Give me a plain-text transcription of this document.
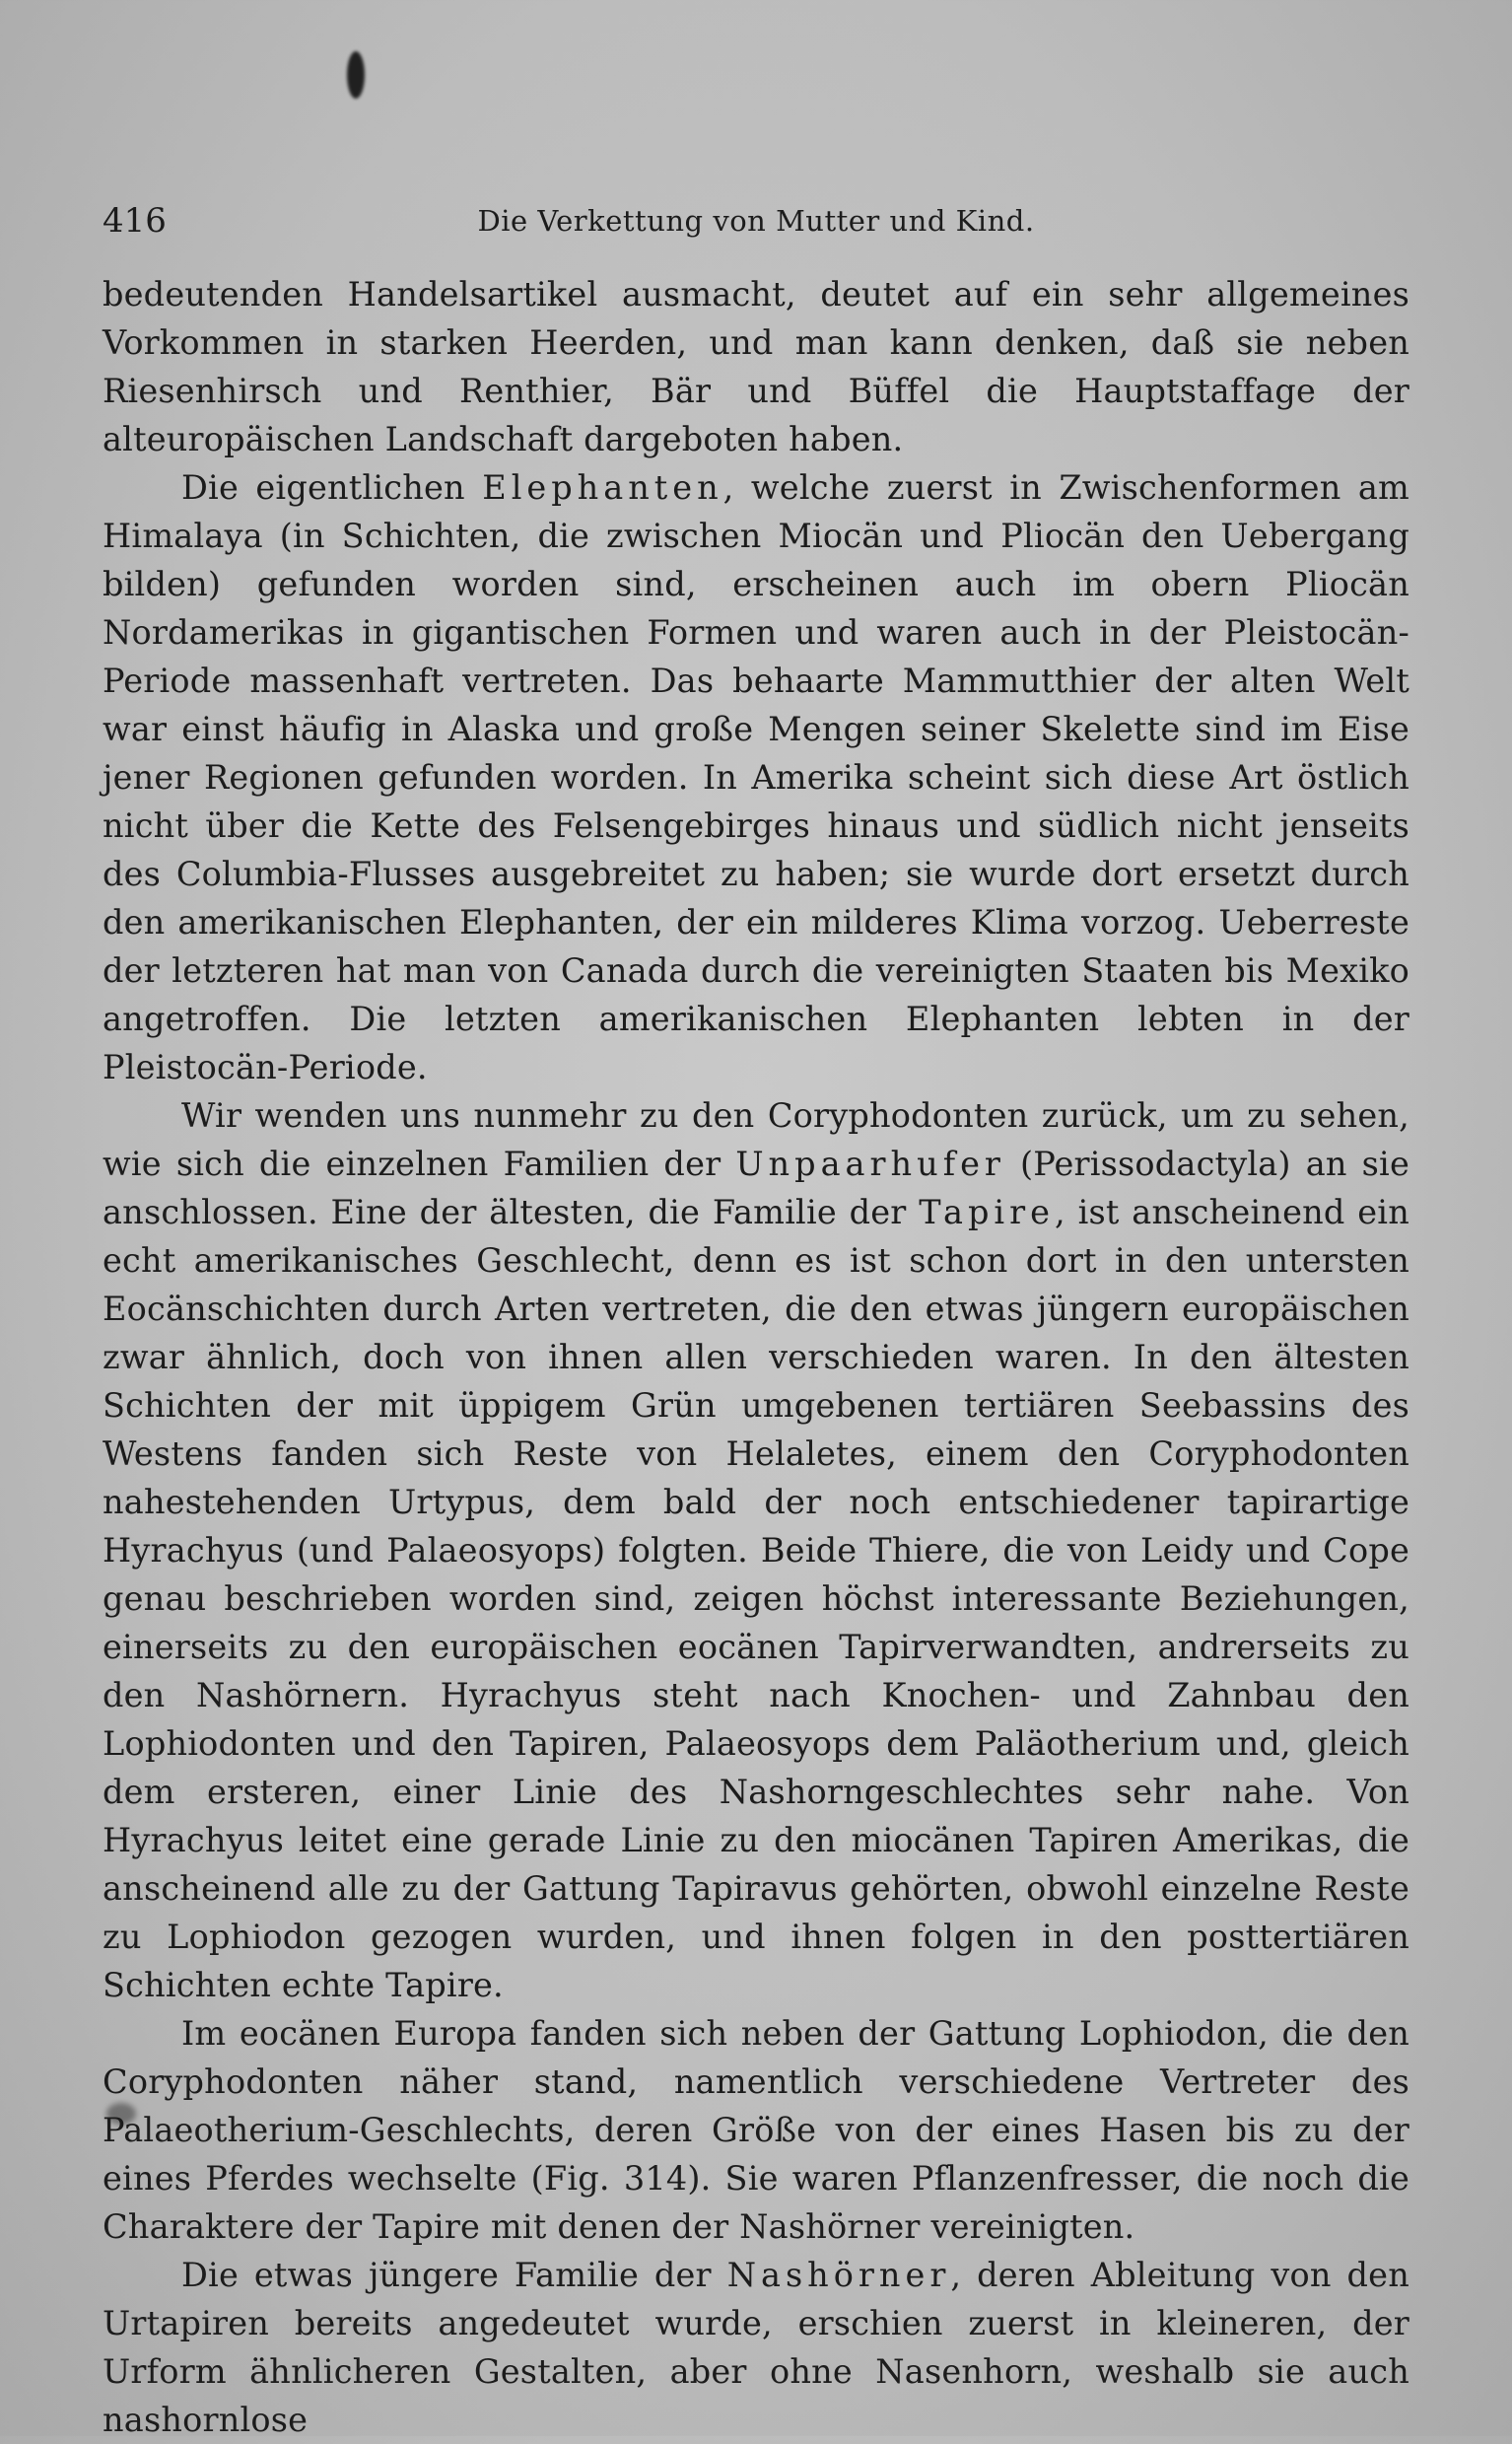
416	Die Verkettung von Mutter und Kind.

bedeutenden Handelsartikel ausmacht, deutet auf ein sehr allgemeines Vorkommen in starken Heerden, und man kann denken, daß sie neben Riesenhirsch und Renthier, Bär und Büffel die Hauptstaffage der alteuropäischen Landschaft dargeboten haben.

Die eigentlichen Elephanten, welche zuerst in Zwischenformen am Himalaya (in Schichten, die zwischen Miocän und Pliocän den Uebergang bilden) gefunden worden sind, erscheinen auch im obern Pliocän Nordamerikas in gigantischen Formen und waren auch in der Pleistocän-Periode massenhaft vertreten. Das behaarte Mammutthier der alten Welt war einst häufig in Alaska und große Mengen seiner Skelette sind im Eise jener Regionen gefunden worden. In Amerika scheint sich diese Art östlich nicht über die Kette des Felsengebirges hinaus und südlich nicht jenseits des Columbia-Flusses ausgebreitet zu haben; sie wurde dort ersetzt durch den amerikanischen Elephanten, der ein milderes Klima vorzog. Ueberreste der letzteren hat man von Canada durch die vereinigten Staaten bis Mexiko angetroffen. Die letzten amerikanischen Elephanten lebten in der Pleistocän-Periode.

Wir wenden uns nunmehr zu den Coryphodonten zurück, um zu sehen, wie sich die einzelnen Familien der Unpaarhufer (Perissodactyla) an sie anschlossen. Eine der ältesten, die Familie der Tapire, ist anscheinend ein echt amerikanisches Geschlecht, denn es ist schon dort in den untersten Eocänschichten durch Arten vertreten, die den etwas jüngern europäischen zwar ähnlich, doch von ihnen allen verschieden waren. In den ältesten Schichten der mit üppigem Grün umgebenen tertiären Seebassins des Westens fanden sich Reste von Helaletes, einem den Coryphodonten nahestehenden Urtypus, dem bald der noch entschiedener tapirartige Hyrachyus (und Palaeosyops) folgten. Beide Thiere, die von Leidy und Cope genau beschrieben worden sind, zeigen höchst interessante Beziehungen, einerseits zu den europäischen eocänen Tapirverwandten, andrerseits zu den Nashörnern. Hyrachyus steht nach Knochen- und Zahnbau den Lophiodonten und den Tapiren, Palaeosyops dem Paläotherium und, gleich dem ersteren, einer Linie des Nashorngeschlechtes sehr nahe. Von Hyrachyus leitet eine gerade Linie zu den miocänen Tapiren Amerikas, die anscheinend alle zu der Gattung Tapiravus gehörten, obwohl einzelne Reste zu Lophiodon gezogen wurden, und ihnen folgen in den posttertiären Schichten echte Tapire.

Im eocänen Europa fanden sich neben der Gattung Lophiodon, die den Coryphodonten näher stand, namentlich verschiedene Vertreter des Palaeotherium-Geschlechts, deren Größe von der eines Hasen bis zu der eines Pferdes wechselte (Fig. 314). Sie waren Pflanzenfresser, die noch die Charaktere der Tapire mit denen der Nashörner vereinigten.

Die etwas jüngere Familie der Nashörner, deren Ableitung von den Urtapiren bereits angedeutet wurde, erschien zuerst in kleineren, der Urform ähnlicheren Gestalten, aber ohne Nasenhorn, weshalb sie auch nashornlose
